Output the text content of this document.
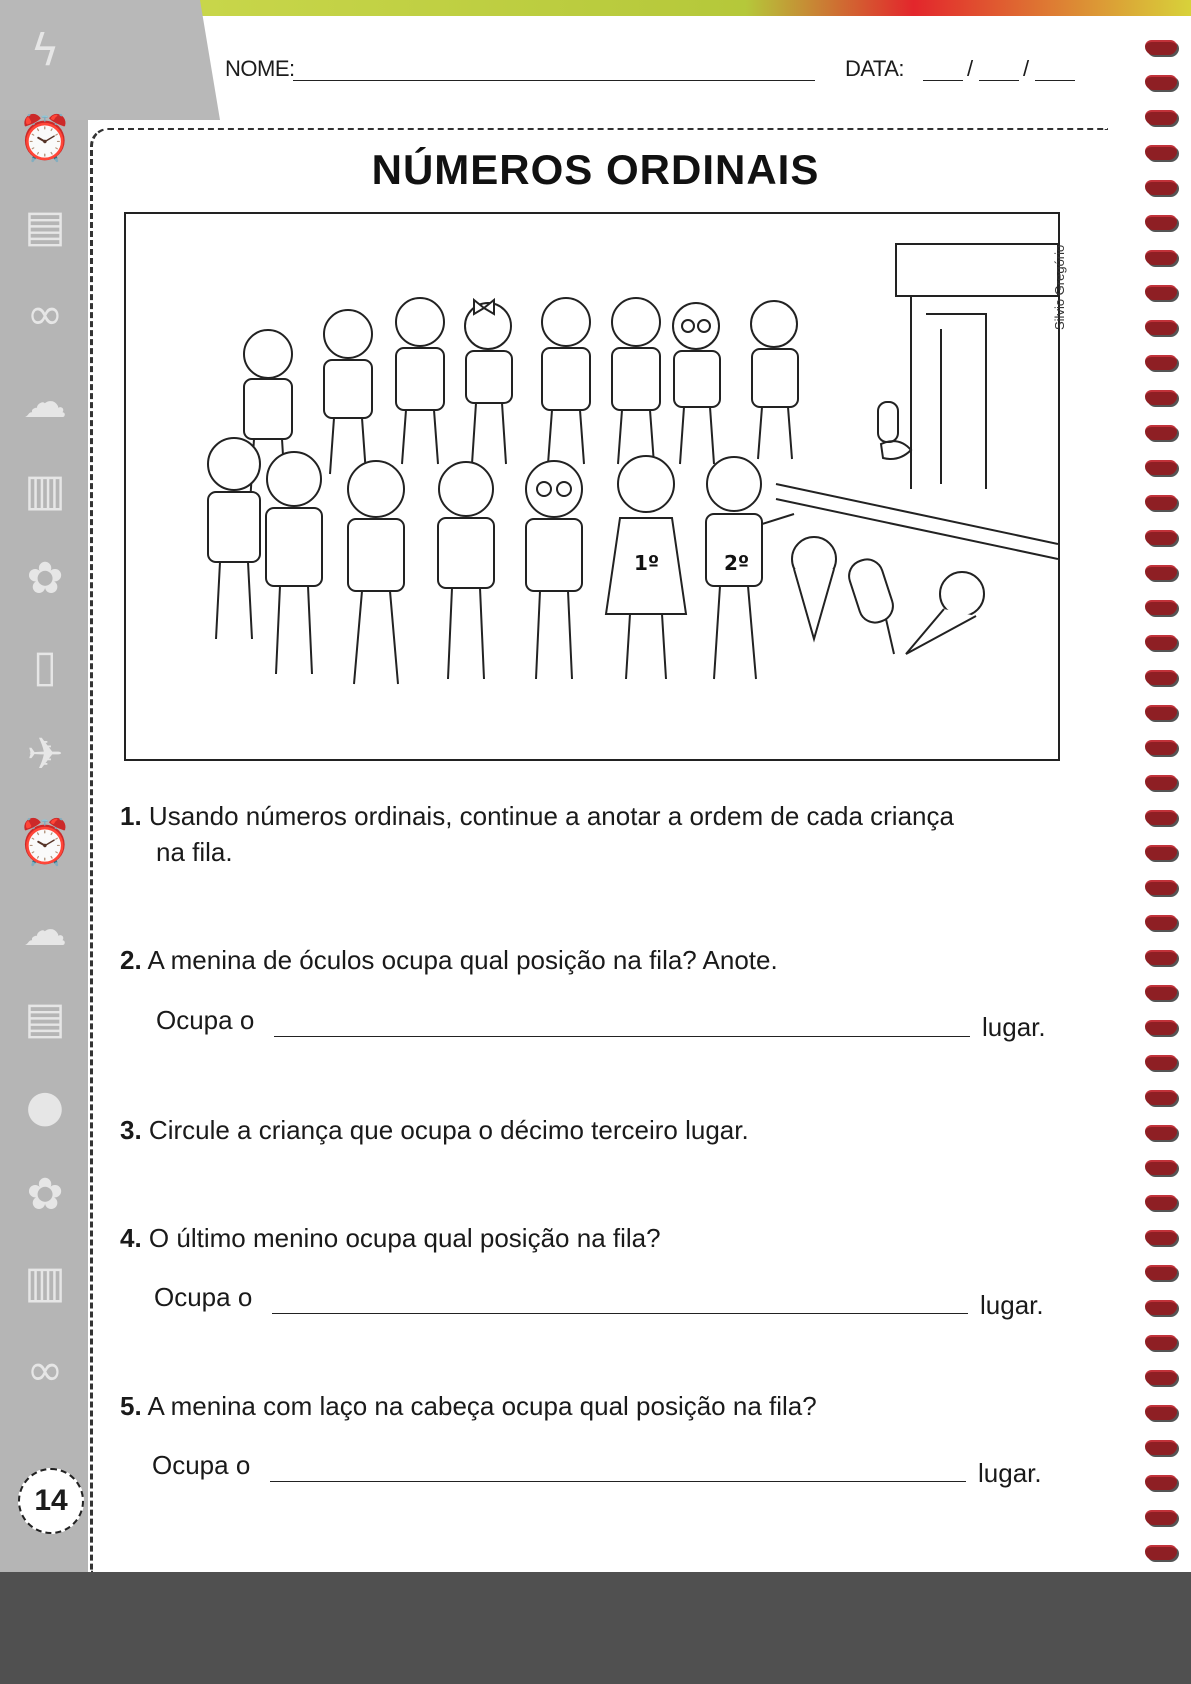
ϟ
⏰
▤
∞
☁
▥
✿
▯
✈
⏰
☁
▤
●
✿
▥
∞
NOME:	DATA:	/ /
NÚMEROS ORDINAIS
1º	2º
Silvio Gregório
1. Usando números ordinais, continue a anotar a ordem de cada criança
na fila.
2. A menina de óculos ocupa qual posição na fila? Anote.
Ocupa o	lugar.
3. Circule a criança que ocupa o décimo terceiro lugar.
4. O último menino ocupa qual posição na fila?
Ocupa o	lugar.
5. A menina com laço na cabeça ocupa qual posição na fila?
Ocupa o	lugar.
14
